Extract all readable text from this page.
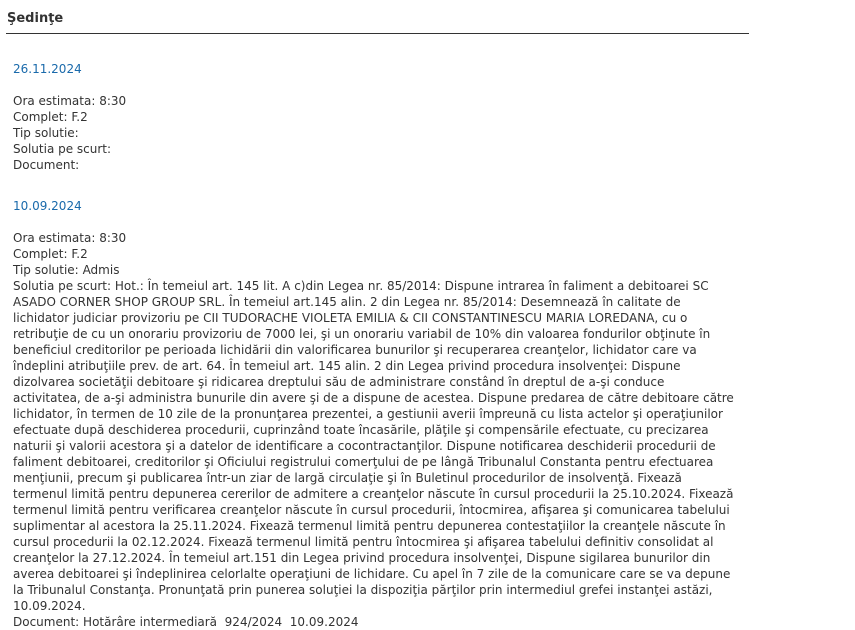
Şedinţe
26.11.2024
Ora estimata: 8:30
Complet: F.2
Tip solutie:
Solutia pe scurt:
Document:
10.09.2024
Ora estimata: 8:30
Complet: F.2
Tip solutie: Admis
Solutia pe scurt: Hot.: În temeiul art. 145 lit. A c)din Legea nr. 85/2014: Dispune intrarea în faliment a debitoarei SC ASADO CORNER SHOP GROUP SRL. În temeiul art.145 alin. 2 din Legea nr. 85/2014: Desemnează în calitate de lichidator judiciar provizoriu pe CII TUDORACHE VIOLETA EMILIA & CII CONSTANTINESCU MARIA LOREDANA, cu o retribuţie de cu un onorariu provizoriu de 7000 lei, şi un onorariu variabil de 10% din valoarea fondurilor obţinute în beneficiul creditorilor pe perioada lichidării din valorificarea bunurilor şi recuperarea creanţelor, lichidator care va îndeplini atribuţiile prev. de art. 64. În temeiul art. 145 alin. 2 din Legea privind procedura insolvenţei: Dispune dizolvarea societăţii debitoare şi ridicarea dreptului său de administrare constând în dreptul de a-şi conduce activitatea, de a-şi administra bunurile din avere şi de a dispune de acestea. Dispune predarea de către debitoare către lichidator, în termen de 10 zile de la pronunţarea prezentei, a gestiunii averii împreună cu lista actelor şi operaţiunilor efectuate după deschiderea procedurii, cuprinzând toate încasările, plăţile şi compensările efectuate, cu precizarea naturii şi valorii acestora şi a datelor de identificare a cocontractanţilor. Dispune notificarea deschiderii procedurii de faliment debitoarei, creditorilor şi Oficiului registrului comerţului de pe lângă Tribunalul Constanta pentru efectuarea menţiunii, precum şi publicarea într-un ziar de largă circulaţie şi în Buletinul procedurilor de insolvenţă. Fixează termenul limită pentru depunerea cererilor de admitere a creanţelor născute în cursul procedurii la 25.10.2024. Fixează termenul limită pentru verificarea creanţelor născute în cursul procedurii, întocmirea, afişarea şi comunicarea tabelului suplimentar al acestora la 25.11.2024. Fixează termenul limită pentru depunerea contestaţiilor la creanţele născute în cursul procedurii la 02.12.2024. Fixează termenul limită pentru întocmirea şi afişarea tabelului definitiv consolidat al creanţelor la 27.12.2024. În temeiul art.151 din Legea privind procedura insolvenţei, Dispune sigilarea bunurilor din averea debitoarei şi îndeplinirea celorlalte operaţiuni de lichidare. Cu apel în 7 zile de la comunicare care se va depune la Tribunalul Constanţa. Pronunţată prin punerea soluţiei la dispoziţia părţilor prin intermediul grefei instanţei astăzi, 10.09.2024.
Document: Hotărâre intermediară  924/2024  10.09.2024
